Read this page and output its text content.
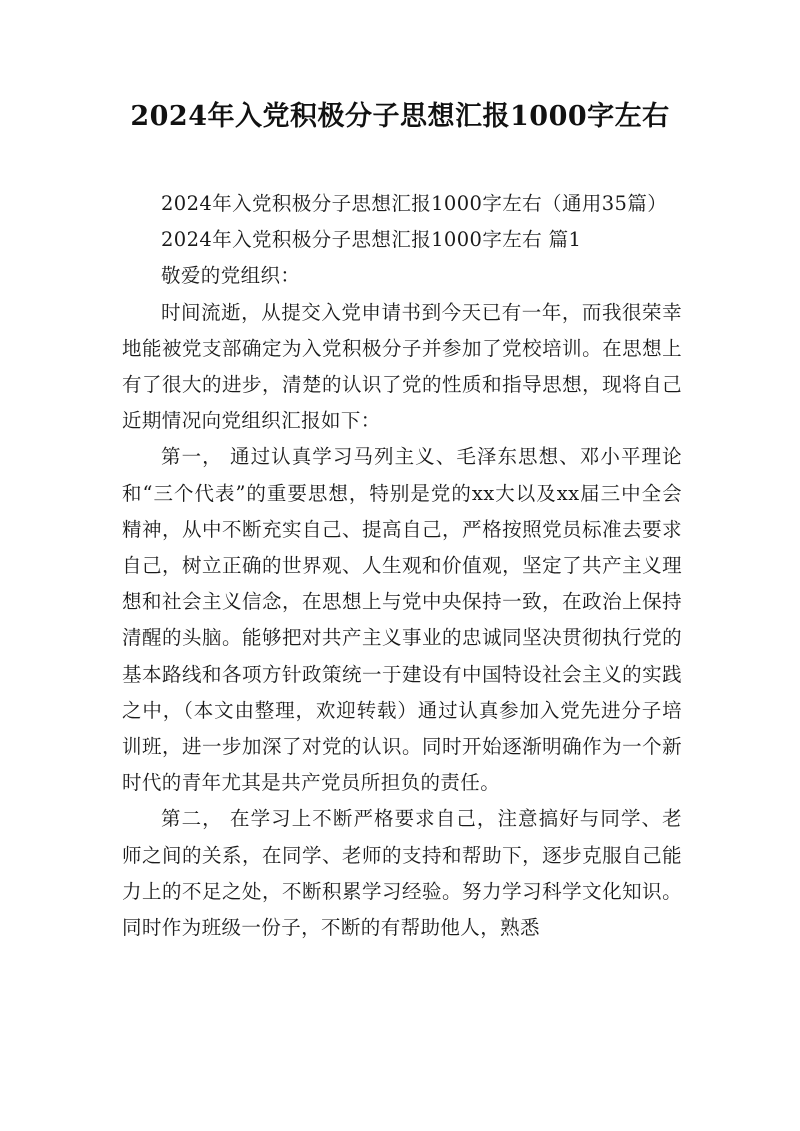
2024年入党积极分子思想汇报1000字左右

2024年入党积极分子思想汇报1000字左右（通用35篇）

2024年入党积极分子思想汇报1000字左右 篇1

敬爱的党组织：

时间流逝，从提交入党申请书到今天已有一年，而我很荣幸地能被党支部确定为入党积极分子并参加了党校培训。在思想上有了很大的进步，清楚的认识了党的性质和指导思想，现将自己近期情况向党组织汇报如下：

第一， 通过认真学习马列主义、毛泽东思想、邓小平理论和“三个代表”的重要思想，特别是党的xx大以及xx届三中全会精神，从中不断充实自己、提高自己，严格按照党员标准去要求自己，树立正确的世界观、人生观和价值观，坚定了共产主义理想和社会主义信念，在思想上与党中央保持一致，在政治上保持清醒的头脑。能够把对共产主义事业的忠诚同坚决贯彻执行党的基本路线和各项方针政策统一于建设有中国特设社会主义的实践之中，（本文由整理，欢迎转载）通过认真参加入党先进分子培训班，进一步加深了对党的认识。同时开始逐渐明确作为一个新时代的青年尤其是共产党员所担负的责任。

第二， 在学习上不断严格要求自己，注意搞好与同学、老师之间的关系，在同学、老师的支持和帮助下，逐步克服自己能力上的不足之处，不断积累学习经验。努力学习科学文化知识。同时作为班级一份子，不断的有帮助他人，熟悉
